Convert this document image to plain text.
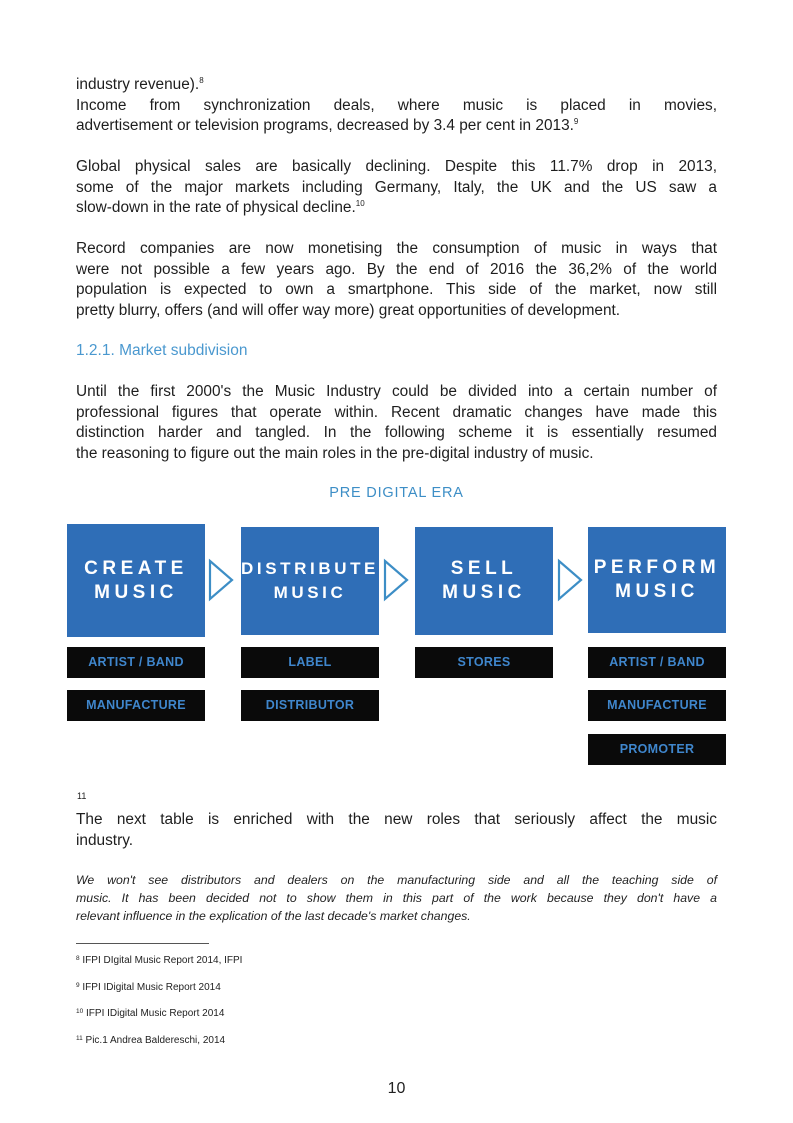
industry revenue).$^8$
Income from synchronization deals, where music is placed in movies,
advertisement or television programs, decreased by 3.4 per cent in 2013.$^9$
Global physical sales are basically declining. Despite this 11.7% drop in 2013,
some of the major markets including Germany, Italy, the UK and the US saw a
slow-down in the rate of physical decline.$^{10}$
Record companies are now monetising the consumption of music in ways that
were not possible a few years ago. By the end of 2016 the 36,2% of the world
population is expected to own a smartphone. This side of the market, now still
pretty blurry, offers (and will offer way more) great opportunities of development.

1.2.1. Market subdivision

Until the first 2000's the Music Industry could be divided into a certain number of
professional figures that operate within. Recent dramatic changes have made this
distinction harder and tangled. In the following scheme it is essentially resumed
the reasoning to figure out the main roles in the pre-digital industry of music.

PRE DIGITAL ERA

CREATE
MUSIC
ARTIST / BAND
MANUFACTURE
DISTRIBUTE
MUSIC
LABEL
DISTRIBUTOR
SELL
MUSIC
STORES
PERFORM
MUSIC
ARTIST / BAND
MANUFACTURE
PROMOTER
11
The next table is enriched with the new roles that seriously affect the music
industry.
We won't see distributors and dealers on the manufacturing side and all the teaching side of
music. It has been decided not to show them in this part of the work because they don't have a
relevant influence in the explication of the last decade's market changes.

$^8$ IFPI DIgital Music Report 2014, IFPI

$^9$ IFPI IDigital Music Report 2014

$^{10}$ IFPI IDigital Music Report 2014

$^{11}$ Pic.1 Andrea Baldereschi, 2014

10
